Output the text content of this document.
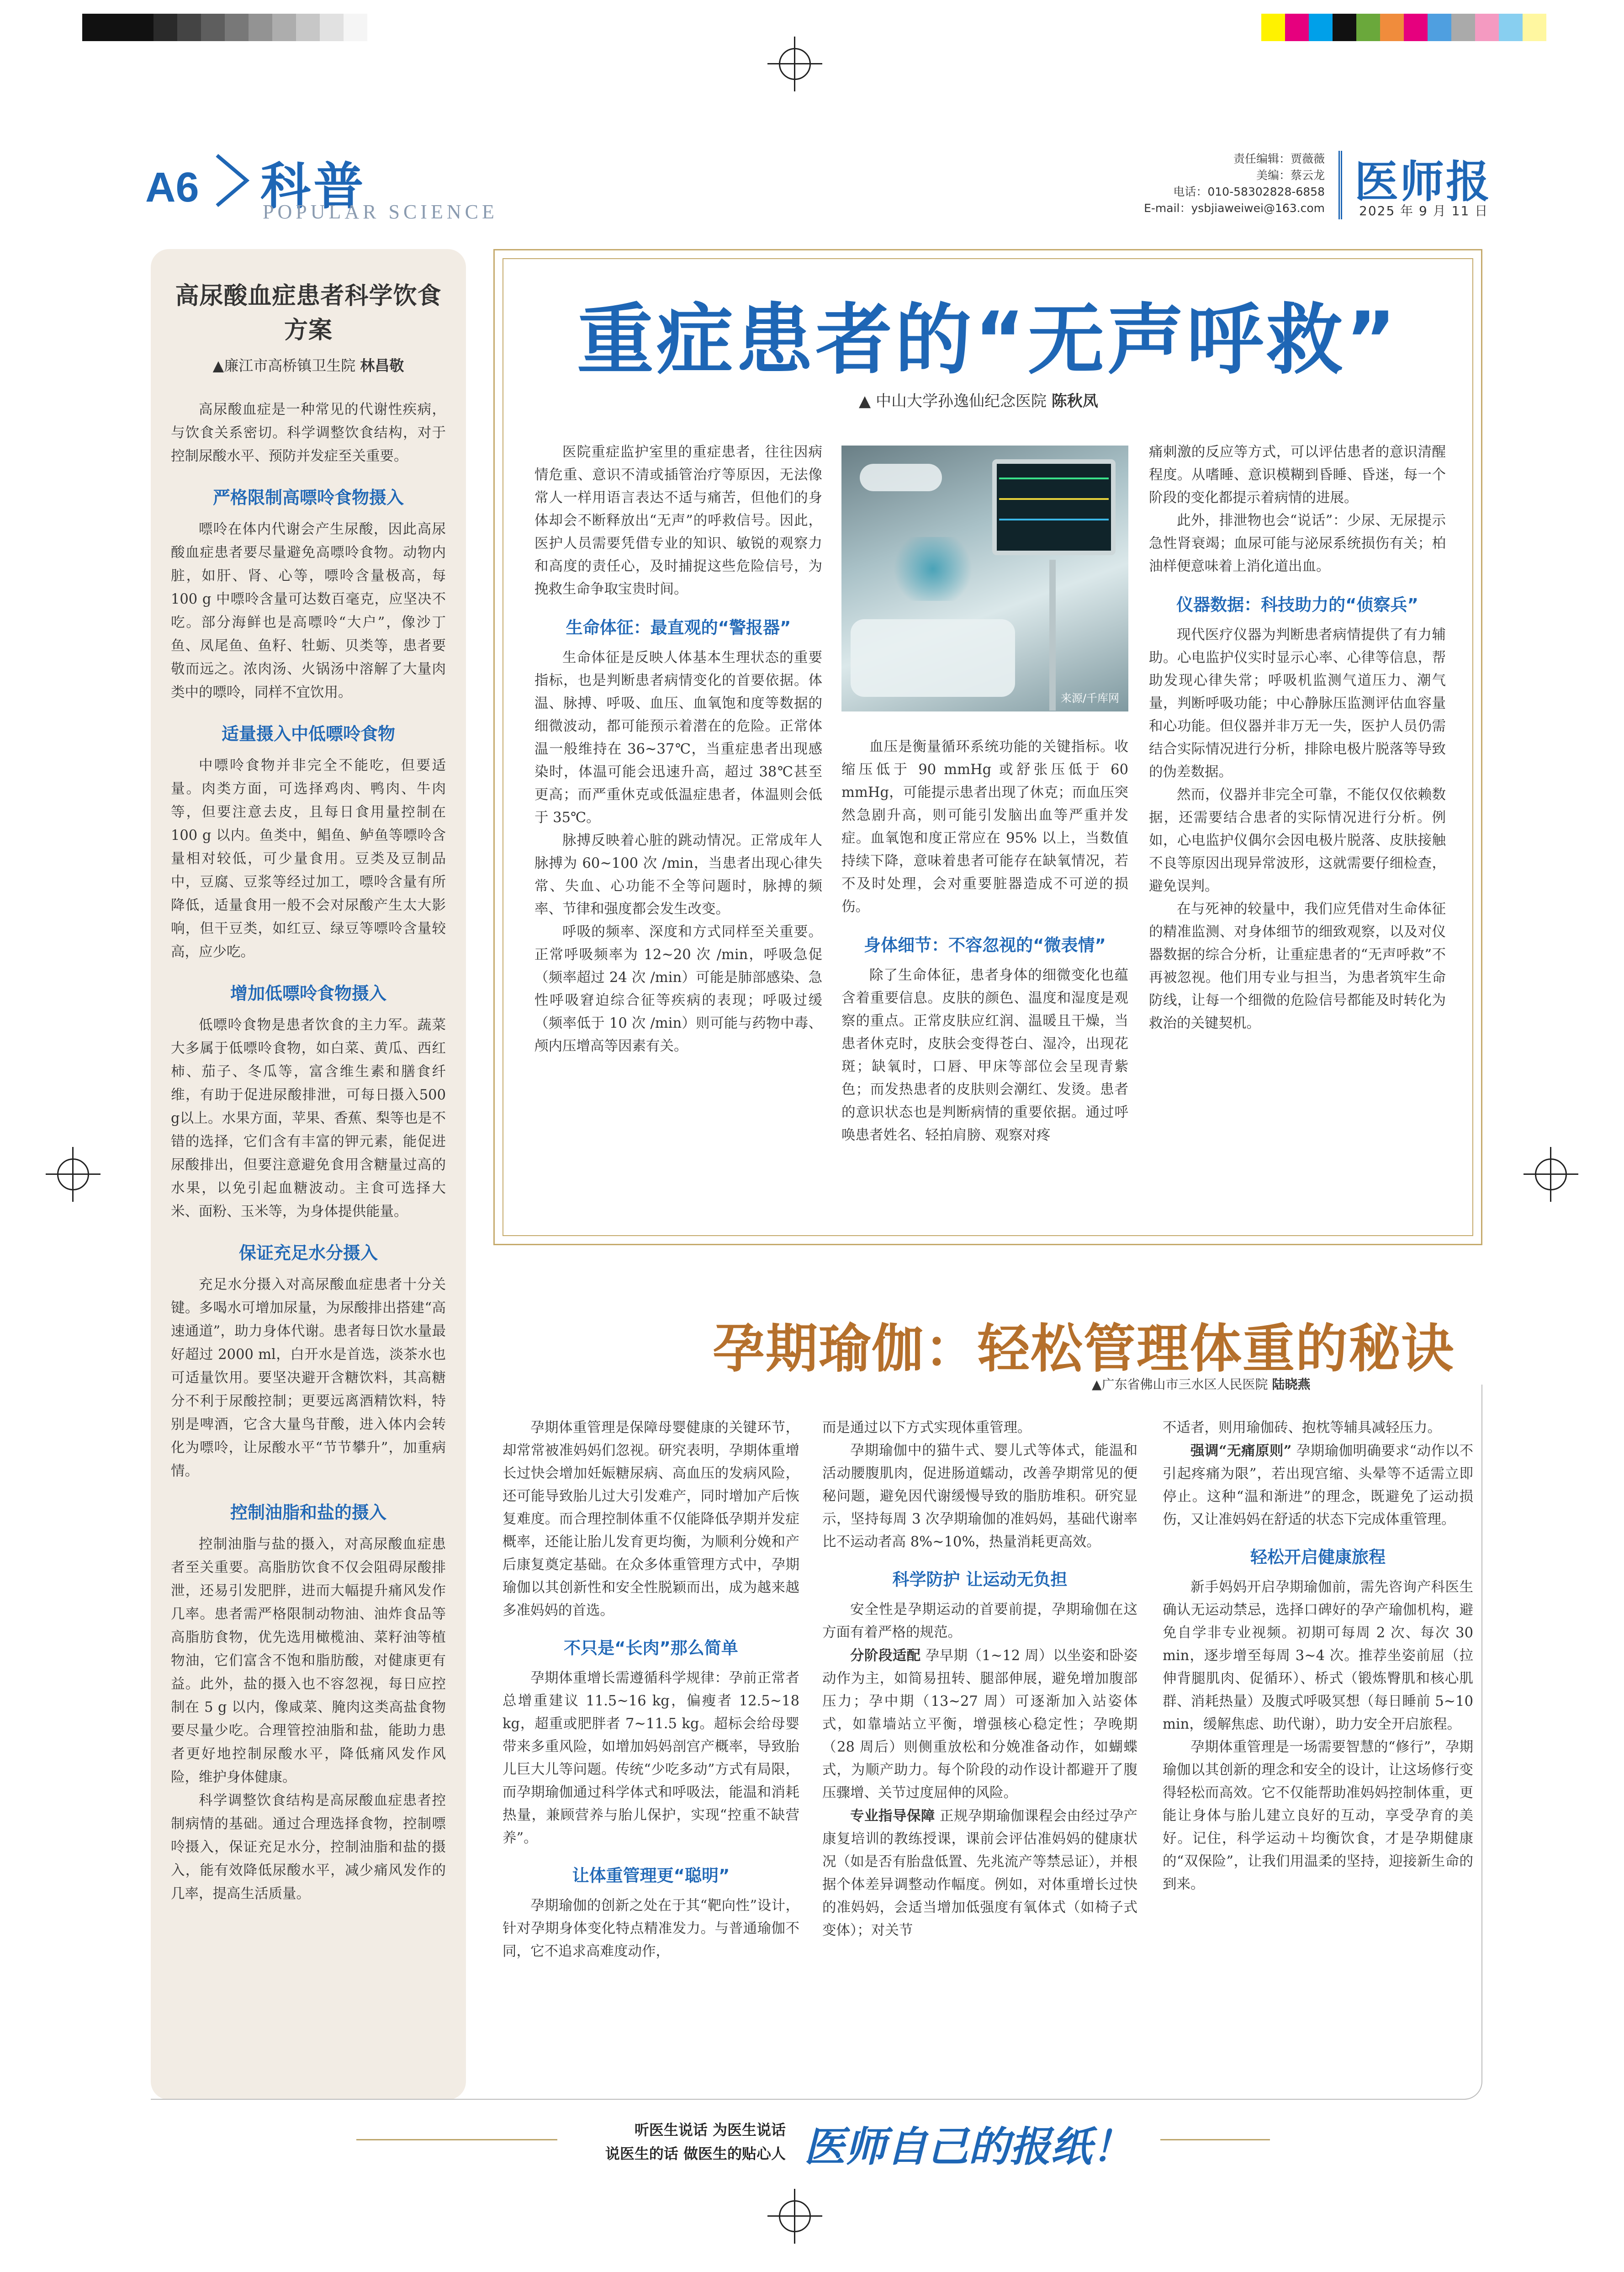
A6 科普
POPULAR SCIENCE
责任编辑：贾薇薇
美编：蔡云龙
电话：010-58302828-6858
E-mail：ysbjiaweiwei@163.com
医师报
2025 年 9 月 11 日
高尿酸血症患者科学饮食方案
▲廉江市高桥镇卫生院 林昌敬

高尿酸血症是一种常见的代谢性疾病，与饮食关系密切。科学调整饮食结构，对于控制尿酸水平、预防并发症至关重要。

严格限制高嘌呤食物摄入

嘌呤在体内代谢会产生尿酸，因此高尿酸血症患者要尽量避免高嘌呤食物。动物内脏，如肝、肾、心等，嘌呤含量极高，每 100 g 中嘌呤含量可达数百毫克，应坚决不吃。部分海鲜也是高嘌呤“大户”，像沙丁鱼、凤尾鱼、鱼籽、牡蛎、贝类等，患者要敬而远之。浓肉汤、火锅汤中溶解了大量肉类中的嘌呤，同样不宜饮用。

适量摄入中低嘌呤食物

中嘌呤食物并非完全不能吃，但要适量。肉类方面，可选择鸡肉、鸭肉、牛肉等，但要注意去皮，且每日食用量控制在 100 g 以内。鱼类中，鲳鱼、鲈鱼等嘌呤含量相对较低，可少量食用。豆类及豆制品中，豆腐、豆浆等经过加工，嘌呤含量有所降低，适量食用一般不会对尿酸产生太大影响，但干豆类，如红豆、绿豆等嘌呤含量较高，应少吃。

增加低嘌呤食物摄入

低嘌呤食物是患者饮食的主力军。蔬菜大多属于低嘌呤食物，如白菜、黄瓜、西红柿、茄子、冬瓜等，富含维生素和膳食纤维，有助于促进尿酸排泄，可每日摄入500 g以上。水果方面，苹果、香蕉、梨等也是不错的选择，它们含有丰富的钾元素，能促进尿酸排出，但要注意避免食用含糖量过高的水果，以免引起血糖波动。主食可选择大米、面粉、玉米等，为身体提供能量。

保证充足水分摄入

充足水分摄入对高尿酸血症患者十分关键。多喝水可增加尿量，为尿酸排出搭建“高速通道”，助力身体代谢。患者每日饮水量最好超过 2000 ml，白开水是首选，淡茶水也可适量饮用。要坚决避开含糖饮料，其高糖分不利于尿酸控制；更要远离酒精饮料，特别是啤酒，它含大量鸟苷酸，进入体内会转化为嘌呤，让尿酸水平“节节攀升”，加重病情。

控制油脂和盐的摄入

控制油脂与盐的摄入，对高尿酸血症患者至关重要。高脂肪饮食不仅会阻碍尿酸排泄，还易引发肥胖，进而大幅提升痛风发作几率。患者需严格限制动物油、油炸食品等高脂肪食物，优先选用橄榄油、菜籽油等植物油，它们富含不饱和脂肪酸，对健康更有益。此外，盐的摄入也不容忽视，每日应控制在 5 g 以内，像咸菜、腌肉这类高盐食物要尽量少吃。合理管控油脂和盐，能助力患者更好地控制尿酸水平，降低痛风发作风险，维护身体健康。

科学调整饮食结构是高尿酸血症患者控制病情的基础。通过合理选择食物，控制嘌呤摄入，保证充足水分，控制油脂和盐的摄入，能有效降低尿酸水平，减少痛风发作的几率，提高生活质量。

重症患者的“无声呼救”
▲ 中山大学孙逸仙纪念医院 陈秋凤

医院重症监护室里的重症患者，往往因病情危重、意识不清或插管治疗等原因，无法像常人一样用语言表达不适与痛苦，但他们的身体却会不断释放出“无声”的呼救信号。因此，医护人员需要凭借专业的知识、敏锐的观察力和高度的责任心，及时捕捉这些危险信号，为挽救生命争取宝贵时间。

生命体征：最直观的“警报器”

生命体征是反映人体基本生理状态的重要指标，也是判断患者病情变化的首要依据。体温、脉搏、呼吸、血压、血氧饱和度等数据的细微波动，都可能预示着潜在的危险。正常体温一般维持在 36~37℃，当重症患者出现感染时，体温可能会迅速升高，超过 38℃甚至更高；而严重休克或低温症患者，体温则会低于 35℃。

脉搏反映着心脏的跳动情况。正常成年人脉搏为 60~100 次 /min，当患者出现心律失常、失血、心功能不全等问题时，脉搏的频率、节律和强度都会发生改变。

呼吸的频率、深度和方式同样至关重要。正常呼吸频率为 12~20 次 /min，呼吸急促（频率超过 24 次 /min）可能是肺部感染、急性呼吸窘迫综合征等疾病的表现；呼吸过缓（频率低于 10 次 /min）则可能与药物中毒、颅内压增高等因素有关。

来源/千库网

血压是衡量循环系统功能的关键指标。收缩压低于 90 mmHg 或舒张压低于 60 mmHg，可能提示患者出现了休克；而血压突然急剧升高，则可能引发脑出血等严重并发症。血氧饱和度正常应在 95% 以上，当数值持续下降，意味着患者可能存在缺氧情况，若不及时处理，会对重要脏器造成不可逆的损伤。

身体细节：不容忽视的“微表情”

除了生命体征，患者身体的细微变化也蕴含着重要信息。皮肤的颜色、温度和湿度是观察的重点。正常皮肤应红润、温暖且干燥，当患者休克时，皮肤会变得苍白、湿冷，出现花斑；缺氧时，口唇、甲床等部位会呈现青紫色；而发热患者的皮肤则会潮红、发烫。患者的意识状态也是判断病情的重要依据。通过呼唤患者姓名、轻拍肩膀、观察对疼

痛刺激的反应等方式，可以评估患者的意识清醒程度。从嗜睡、意识模糊到昏睡、昏迷，每一个阶段的变化都提示着病情的进展。

此外，排泄物也会“说话”：少尿、无尿提示急性肾衰竭；血尿可能与泌尿系统损伤有关；柏油样便意味着上消化道出血。

仪器数据：科技助力的“侦察兵”

现代医疗仪器为判断患者病情提供了有力辅助。心电监护仪实时显示心率、心律等信息，帮助发现心律失常；呼吸机监测气道压力、潮气量，判断呼吸功能；中心静脉压监测评估血容量和心功能。但仪器并非万无一失，医护人员仍需结合实际情况进行分析，排除电极片脱落等导致的伪差数据。

然而，仪器并非完全可靠，不能仅仅依赖数据，还需要结合患者的实际情况进行分析。例如，心电监护仪偶尔会因电极片脱落、皮肤接触不良等原因出现异常波形，这就需要仔细检查，避免误判。

在与死神的较量中，我们应凭借对生命体征的精准监测、对身体细节的细致观察，以及对仪器数据的综合分析，让重症患者的“无声呼救”不再被忽视。他们用专业与担当，为患者筑牢生命防线，让每一个细微的危险信号都能及时转化为救治的关键契机。

孕期瑜伽：轻松管理体重的秘诀
▲广东省佛山市三水区人民医院 陆晓燕

孕期体重管理是保障母婴健康的关键环节，却常常被准妈妈们忽视。研究表明，孕期体重增长过快会增加妊娠糖尿病、高血压的发病风险，还可能导致胎儿过大引发难产，同时增加产后恢复难度。而合理控制体重不仅能降低孕期并发症概率，还能让胎儿发育更均衡，为顺利分娩和产后康复奠定基础。在众多体重管理方式中，孕期瑜伽以其创新性和安全性脱颖而出，成为越来越多准妈妈的首选。

不只是“长肉”那么简单

孕期体重增长需遵循科学规律：孕前正常者总增重建议 11.5~16 kg，偏瘦者 12.5~18 kg，超重或肥胖者 7~11.5 kg。超标会给母婴带来多重风险，如增加妈妈剖宫产概率，导致胎儿巨大儿等问题。传统“少吃多动”方式有局限，而孕期瑜伽通过科学体式和呼吸法，能温和消耗热量，兼顾营养与胎儿保护，实现“控重不缺营养”。

让体重管理更“聪明”

孕期瑜伽的创新之处在于其“靶向性”设计，针对孕期身体变化特点精准发力。与普通瑜伽不同，它不追求高难度动作，

而是通过以下方式实现体重管理。

孕期瑜伽中的猫牛式、婴儿式等体式，能温和活动腰腹肌肉，促进肠道蠕动，改善孕期常见的便秘问题，避免因代谢缓慢导致的脂肪堆积。研究显示，坚持每周 3 次孕期瑜伽的准妈妈，基础代谢率比不运动者高 8%~10%，热量消耗更高效。

科学防护 让运动无负担

安全性是孕期运动的首要前提，孕期瑜伽在这方面有着严格的规范。

分阶段适配 孕早期（1~12 周）以坐姿和卧姿动作为主，如简易扭转、腿部伸展，避免增加腹部压力；孕中期（13~27 周）可逐渐加入站姿体式，如靠墙站立平衡，增强核心稳定性；孕晚期（28 周后）则侧重放松和分娩准备动作，如蝴蝶式，为顺产助力。每个阶段的动作设计都避开了腹压骤增、关节过度屈伸的风险。

专业指导保障 正规孕期瑜伽课程会由经过孕产康复培训的教练授课，课前会评估准妈妈的健康状况（如是否有胎盘低置、先兆流产等禁忌证），并根据个体差异调整动作幅度。例如，对体重增长过快的准妈妈，会适当增加低强度有氧体式（如椅子式变体）；对关节

不适者，则用瑜伽砖、抱枕等辅具减轻压力。

强调“无痛原则” 孕期瑜伽明确要求“动作以不引起疼痛为限”，若出现宫缩、头晕等不适需立即停止。这种“温和渐进”的理念，既避免了运动损伤，又让准妈妈在舒适的状态下完成体重管理。

轻松开启健康旅程

新手妈妈开启孕期瑜伽前，需先咨询产科医生确认无运动禁忌，选择口碑好的孕产瑜伽机构，避免自学非专业视频。初期可每周 2 次、每次 30 min，逐步增至每周 3~4 次。推荐坐姿前屈（拉伸背腿肌肉、促循环）、桥式（锻炼臀肌和核心肌群、消耗热量）及腹式呼吸冥想（每日睡前 5~10 min，缓解焦虑、助代谢），助力安全开启旅程。

孕期体重管理是一场需要智慧的“修行”，孕期瑜伽以其创新的理念和安全的设计，让这场修行变得轻松而高效。它不仅能帮助准妈妈控制体重，更能让身体与胎儿建立良好的互动，享受孕育的美好。记住，科学运动＋均衡饮食，才是孕期健康的“双保险”，让我们用温柔的坚持，迎接新生命的到来。

听医生说话 为医生说话
说医生的话 做医生的贴心人 医师自己的报纸！
